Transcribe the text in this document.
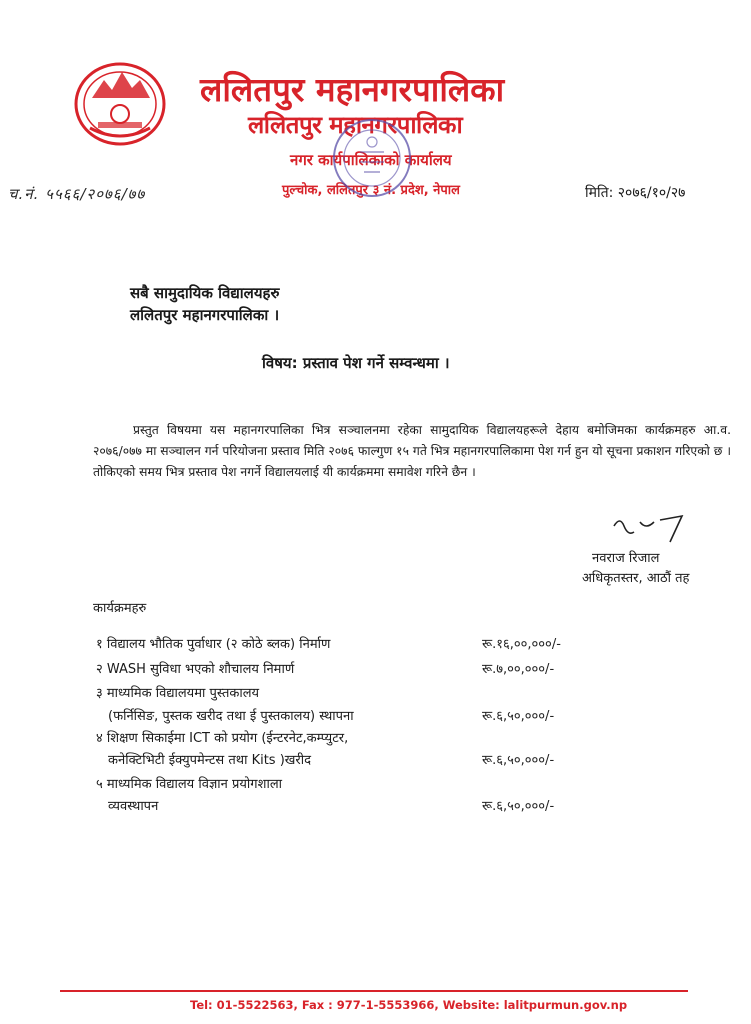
ललितपुर महानगरपालिका
ललितपुर महानगरपालिका
नगर कार्यपालिकाको कार्यालय
पुल्चोक, ललितपुर ३ नं. प्रदेश, नेपाल
च.नं. ५५६६/२०७६/७७	मिति: २०७६/१०/२७
सबै सामुदायिक विद्यालयहरु
ललितपुर महानगरपालिका ।
विषय: प्रस्ताव पेश गर्ने सम्वन्धमा ।
प्रस्तुत विषयमा यस महानगरपालिका भित्र सञ्चालनमा रहेका सामुदायिक विद्यालयहरूले देहाय बमोजिमका कार्यक्रमहरु आ.व. २०७६/०७७ मा सञ्चालन गर्न परियोजना प्रस्ताव मिति २०७६ फाल्गुण १५ गते भित्र महानगरपालिकामा पेश गर्न हुन यो सूचना प्रकाशन गरिएको छ । तोकिएको समय भित्र प्रस्ताव पेश नगर्ने विद्यालयलाई यी कार्यक्रममा समावेश गरिने छैन ।
नवराज रिजाल
अधिकृतस्तर, आठौं तह
कार्यक्रमहरु
१ विद्यालय भौतिक पुर्वाधार (२ कोठे ब्लक) निर्माण	रू.१६,००,०००/-
२ WASH सुविधा भएको शौचालय निमार्ण	रू.७,००,०००/-
३ माध्यमिक विद्यालयमा पुस्तकालय
(फर्निसिङ, पुस्तक खरीद तथा ई पुस्तकालय) स्थापना	रू.६,५०,०००/-
४ शिक्षण सिकाईमा ICT को प्रयोग (ईन्टरनेट,कम्प्युटर,
कनेक्टिभिटी ईक्युपमेन्टस तथा Kits )खरीद	रू.६,५०,०००/-
५ माध्यमिक विद्यालय विज्ञान प्रयोगशाला
व्यवस्थापन	रू.६,५०,०००/-
Tel: 01-5522563, Fax : 977-1-5553966, Website: lalitpurmun.gov.np
